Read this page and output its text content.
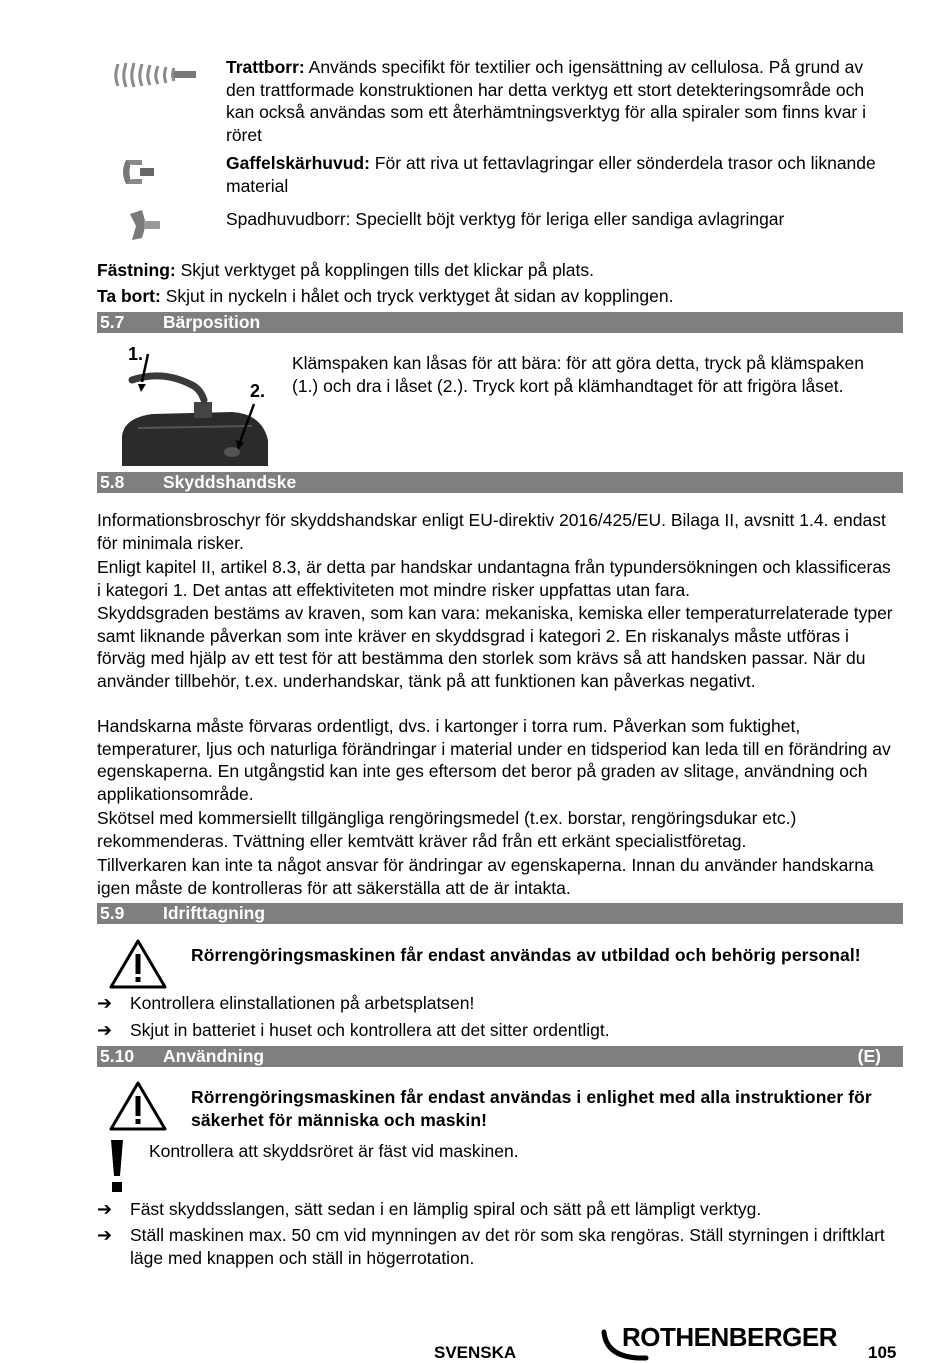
Trattborr: Används specifikt för textilier och igensättning av cellulosa. På grund av den trattformade konstruktionen har detta verktyg ett stort detekteringsområde och kan också användas som ett återhämtningsverktyg för alla spiraler som finns kvar i röret
Gaffelskärhuvud: För att riva ut fettavlagringar eller sönderdela trasor och liknande material
Spadhuvudborr: Speciellt böjt verktyg för leriga eller sandiga avlagringar
Fästning: Skjut verktyget på kopplingen tills det klickar på plats.
Ta bort: Skjut in nyckeln i hålet och tryck verktyget åt sidan av kopplingen.
5.7 Bärposition
1.
2.
Klämspaken kan låsas för att bära: för att göra detta, tryck på klämspaken (1.) och dra i låset (2.). Tryck kort på klämhandtaget för att frigöra låset.
5.8 Skyddshandske
Informationsbroschyr för skyddshandskar enligt EU-direktiv 2016/425/EU. Bilaga II, avsnitt 1.4. endast för minimala risker.
Enligt kapitel II, artikel 8.3, är detta par handskar undantagna från typundersökningen och klassificeras i kategori 1. Det antas att effektiviteten mot mindre risker uppfattas utan fara.
Skyddsgraden bestäms av kraven, som kan vara: mekaniska, kemiska eller temperaturrelaterade typer samt liknande påverkan som inte kräver en skyddsgrad i kategori 2. En riskanalys måste utföras i förväg med hjälp av ett test för att bestämma den storlek som krävs så att handsken passar. När du använder tillbehör, t.ex. underhandskar, tänk på att funktionen kan påverkas negativt.
Handskarna måste förvaras ordentligt, dvs. i kartonger i torra rum. Påverkan som fuktighet, temperaturer, ljus och naturliga förändringar i material under en tidsperiod kan leda till en förändring av egenskaperna. En utgångstid kan inte ges eftersom det beror på graden av slitage, användning och applikationsområde.
Skötsel med kommersiellt tillgängliga rengöringsmedel (t.ex. borstar, rengöringsdukar etc.) rekommenderas. Tvättning eller kemtvätt kräver råd från ett erkänt specialistföretag.
Tillverkaren kan inte ta något ansvar för ändringar av egenskaperna. Innan du använder handskarna igen måste de kontrolleras för att säkerställa att de är intakta.
5.9 Idrifttagning
Rörrengöringsmaskinen får endast användas av utbildad och behörig personal!
➔ Kontrollera elinstallationen på arbetsplatsen!
➔ Skjut in batteriet i huset och kontrollera att det sitter ordentligt.
5.10 Användning	(E)
Rörrengöringsmaskinen får endast användas i enlighet med alla instruktioner för säkerhet för människa och maskin!
Kontrollera att skyddsröret är fäst vid maskinen.
➔ Fäst skyddsslangen, sätt sedan i en lämplig spiral och sätt på ett lämpligt verktyg.
➔ Ställ maskinen max. 50 cm vid mynningen av det rör som ska rengöras. Ställ styrningen i driftklart läge med knappen och ställ in högerrotation.
SVENSKA
ROTHENBERGER
105
